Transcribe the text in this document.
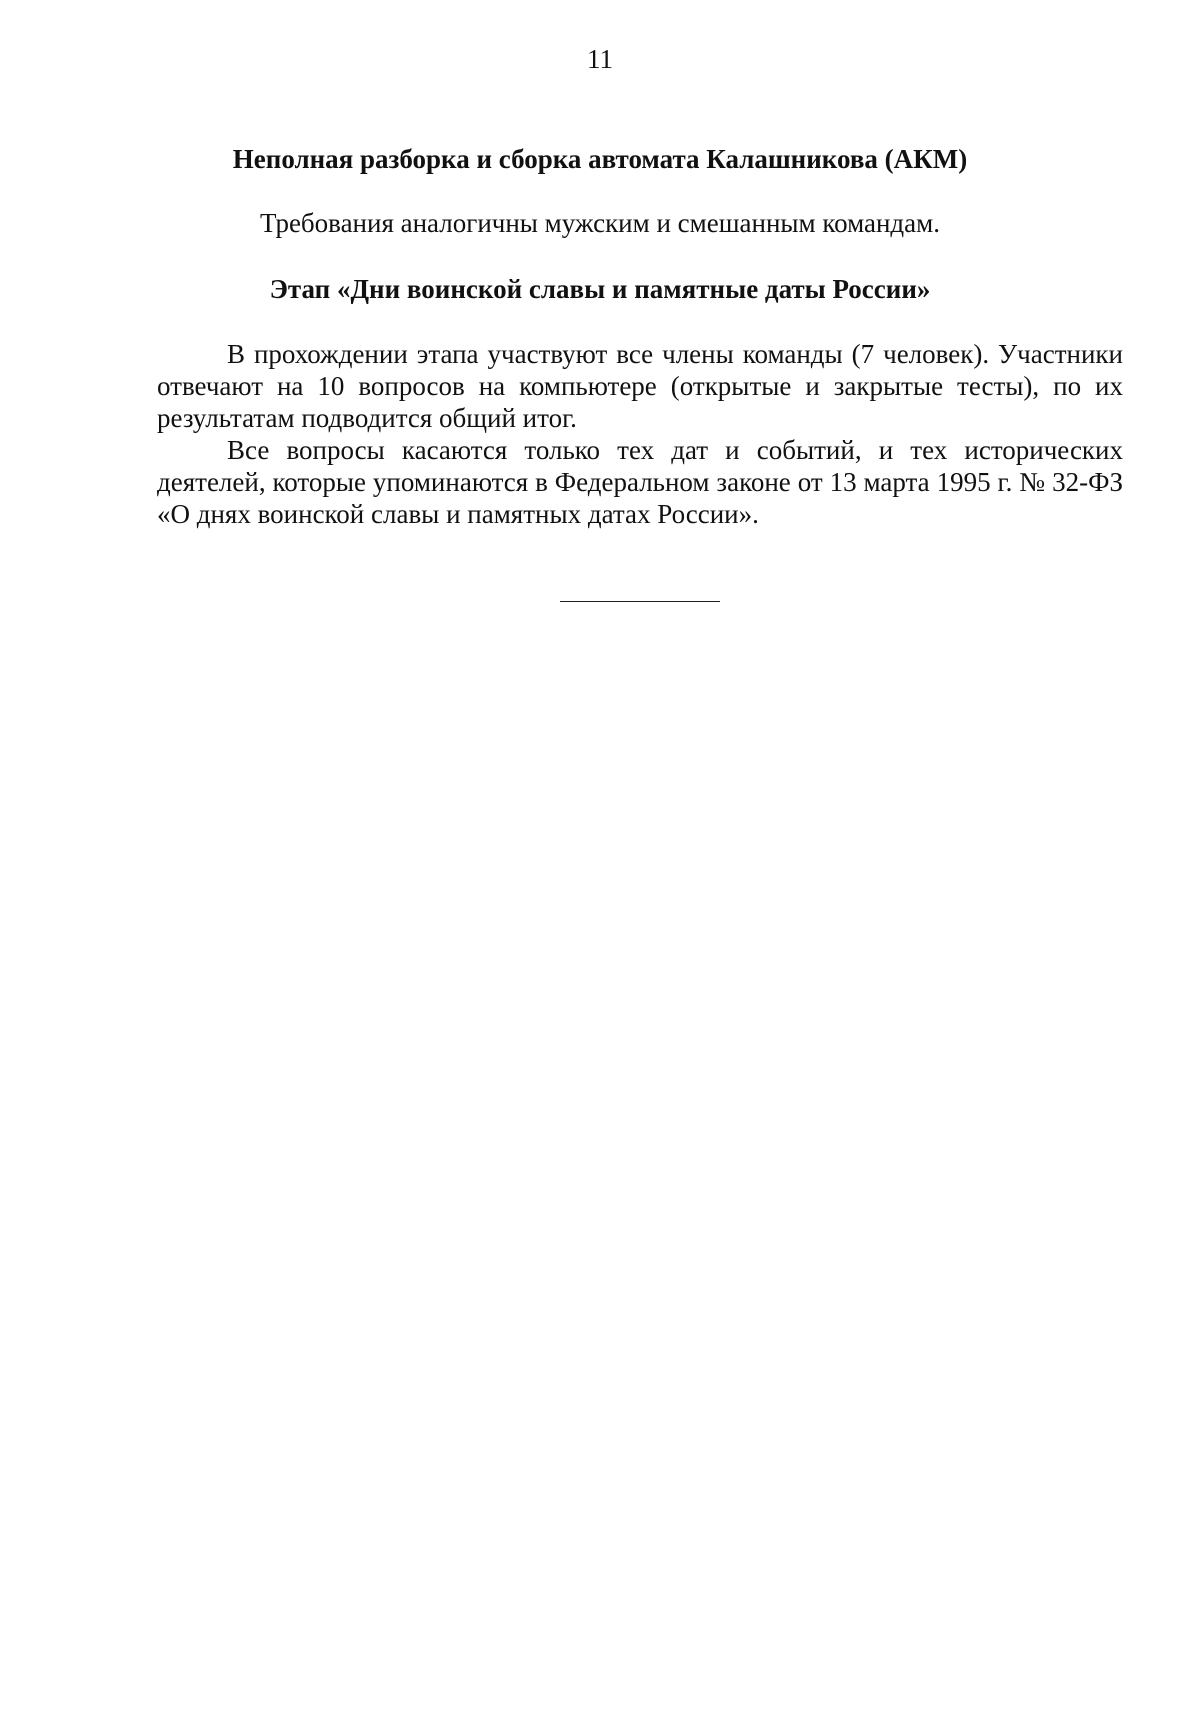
11
Неполная разборка и сборка автомата Калашникова (АКМ)
Требования аналогичны мужским и смешанным командам.
Этап «Дни воинской славы и памятные даты России»

В прохождении этапа участвуют все члены команды (7 человек). Участники отвечают на 10 вопросов на компьютере (открытые и закрытые тесты), по их результатам подводится общий итог.

Все вопросы касаются только тех дат и событий, и тех исторических деятелей, которые упоминаются в Федеральном законе от 13 марта 1995 г. № 32-ФЗ «О днях воинской славы и памятных датах России».
